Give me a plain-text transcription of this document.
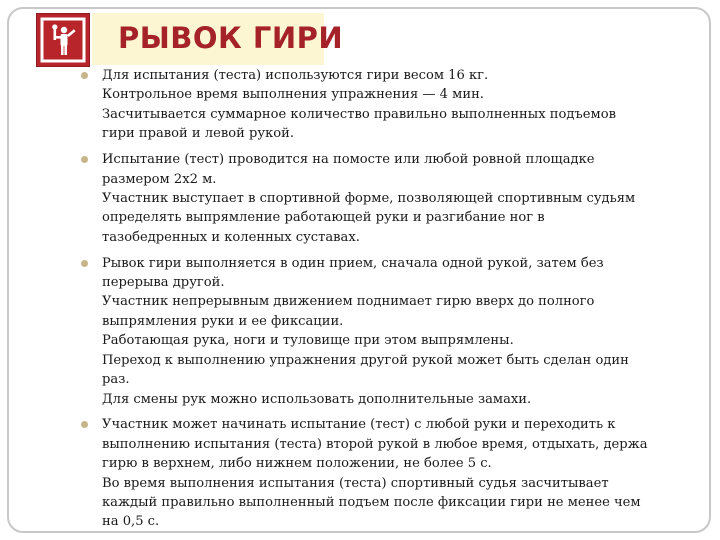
РЫВОК ГИРИ
Для испытания (теста) используются гири весом 16 кг.
Контрольное время выполнения упражнения — 4 мин.
Засчитывается суммарное количество правильно выполненных подъемов
гири правой и левой рукой.
Испытание (тест) проводится на помосте или любой ровной площадке
размером 2х2 м.
Участник выступает в спортивной форме, позволяющей спортивным судьям
определять выпрямление работающей руки и разгибание ног в
тазобедренных и коленных суставах.
Рывок гири выполняется в один прием, сначала одной рукой, затем без
перерыва другой.
Участник непрерывным движением поднимает гирю вверх до полного
выпрямления руки и ее фиксации.
Работающая рука, ноги и туловище при этом выпрямлены.
Переход к выполнению упражнения другой рукой может быть сделан один
раз.
Для смены рук можно использовать дополнительные замахи.
Участник может начинать испытание (тест) с любой руки и переходить к
выполнению испытания (теста) второй рукой в любое время, отдыхать, держа
гирю в верхнем, либо нижнем положении, не более 5 с.
Во время выполнения испытания (теста) спортивный судья засчитывает
каждый правильно выполненный подъем после фиксации гири не менее чем
на 0,5 с.
